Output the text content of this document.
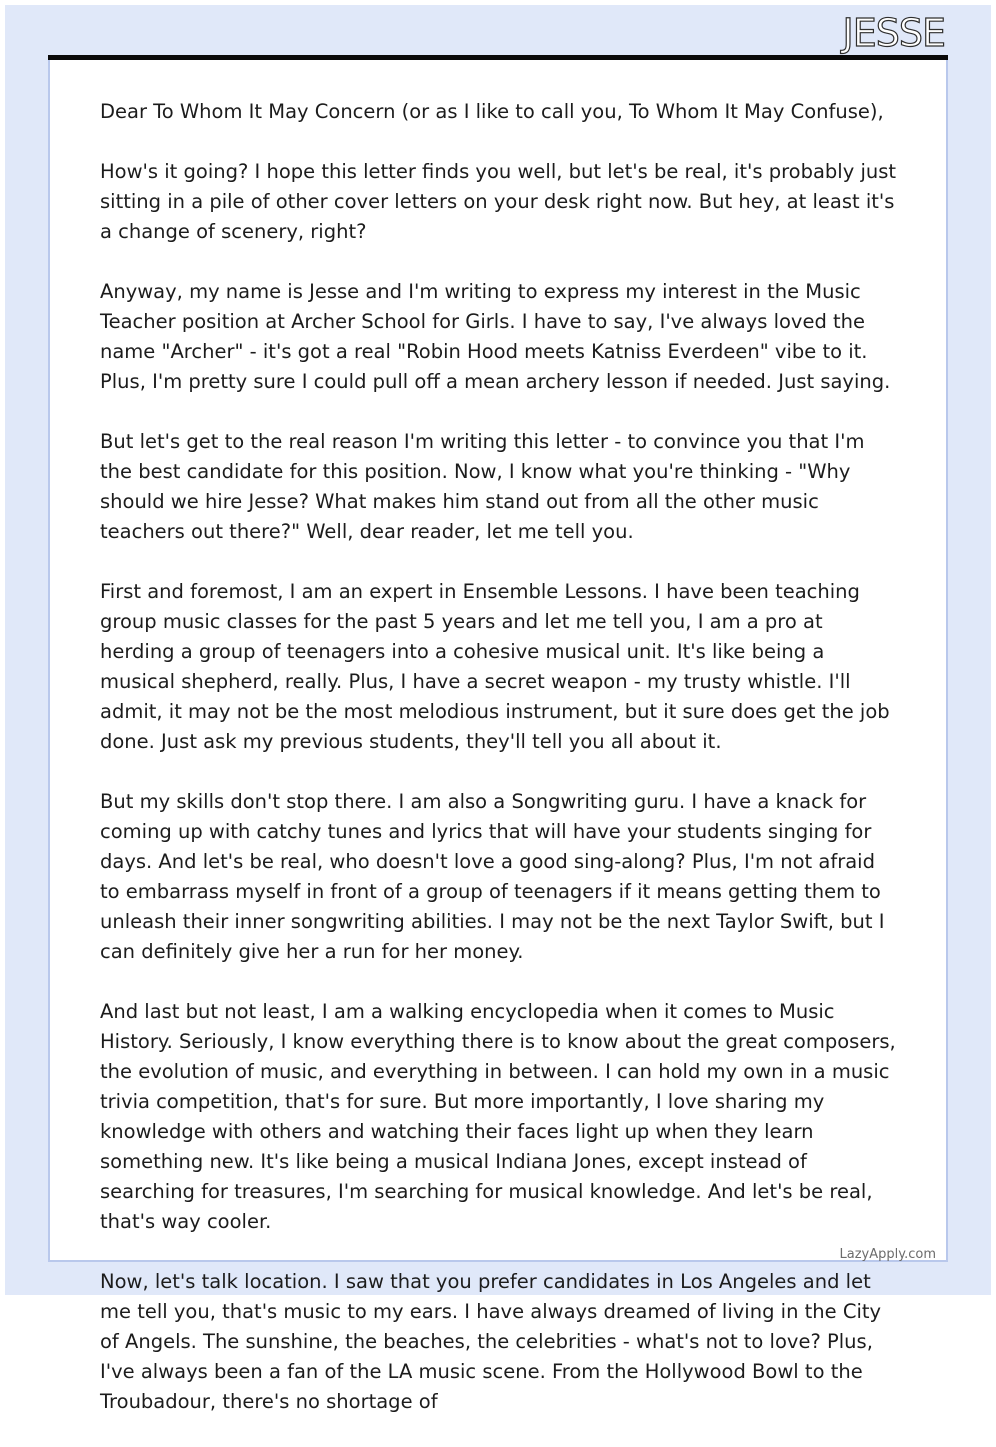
JESSE

Dear To Whom It May Concern (or as I like to call you, To Whom It May Confuse),

How's it going? I hope this letter finds you well, but let's be real, it's probably just sitting in a pile of other cover letters on your desk right now. But hey, at least it's a change of scenery, right?

Anyway, my name is Jesse and I'm writing to express my interest in the Music Teacher position at Archer School for Girls. I have to say, I've always loved the name "Archer" - it's got a real "Robin Hood meets Katniss Everdeen" vibe to it. Plus, I'm pretty sure I could pull off a mean archery lesson if needed. Just saying.

But let's get to the real reason I'm writing this letter - to convince you that I'm the best candidate for this position. Now, I know what you're thinking - "Why should we hire Jesse? What makes him stand out from all the other music teachers out there?" Well, dear reader, let me tell you.

First and foremost, I am an expert in Ensemble Lessons. I have been teaching group music classes for the past 5 years and let me tell you, I am a pro at herding a group of teenagers into a cohesive musical unit. It's like being a musical shepherd, really. Plus, I have a secret weapon - my trusty whistle. I'll admit, it may not be the most melodious instrument, but it sure does get the job done. Just ask my previous students, they'll tell you all about it.

But my skills don't stop there. I am also a Songwriting guru. I have a knack for coming up with catchy tunes and lyrics that will have your students singing for days. And let's be real, who doesn't love a good sing-along? Plus, I'm not afraid to embarrass myself in front of a group of teenagers if it means getting them to unleash their inner songwriting abilities. I may not be the next Taylor Swift, but I can definitely give her a run for her money.

And last but not least, I am a walking encyclopedia when it comes to Music History. Seriously, I know everything there is to know about the great composers, the evolution of music, and everything in between. I can hold my own in a music trivia competition, that's for sure. But more importantly, I love sharing my knowledge with others and watching their faces light up when they learn something new. It's like being a musical Indiana Jones, except instead of searching for treasures, I'm searching for musical knowledge. And let's be real, that's way cooler.

Now, let's talk location. I saw that you prefer candidates in Los Angeles and let me tell you, that's music to my ears. I have always dreamed of living in the City of Angels. The sunshine, the beaches, the celebrities - what's not to love? Plus, I've always been a fan of the LA music scene. From the Hollywood Bowl to the Troubadour, there's no shortage of

LazyApply.com
